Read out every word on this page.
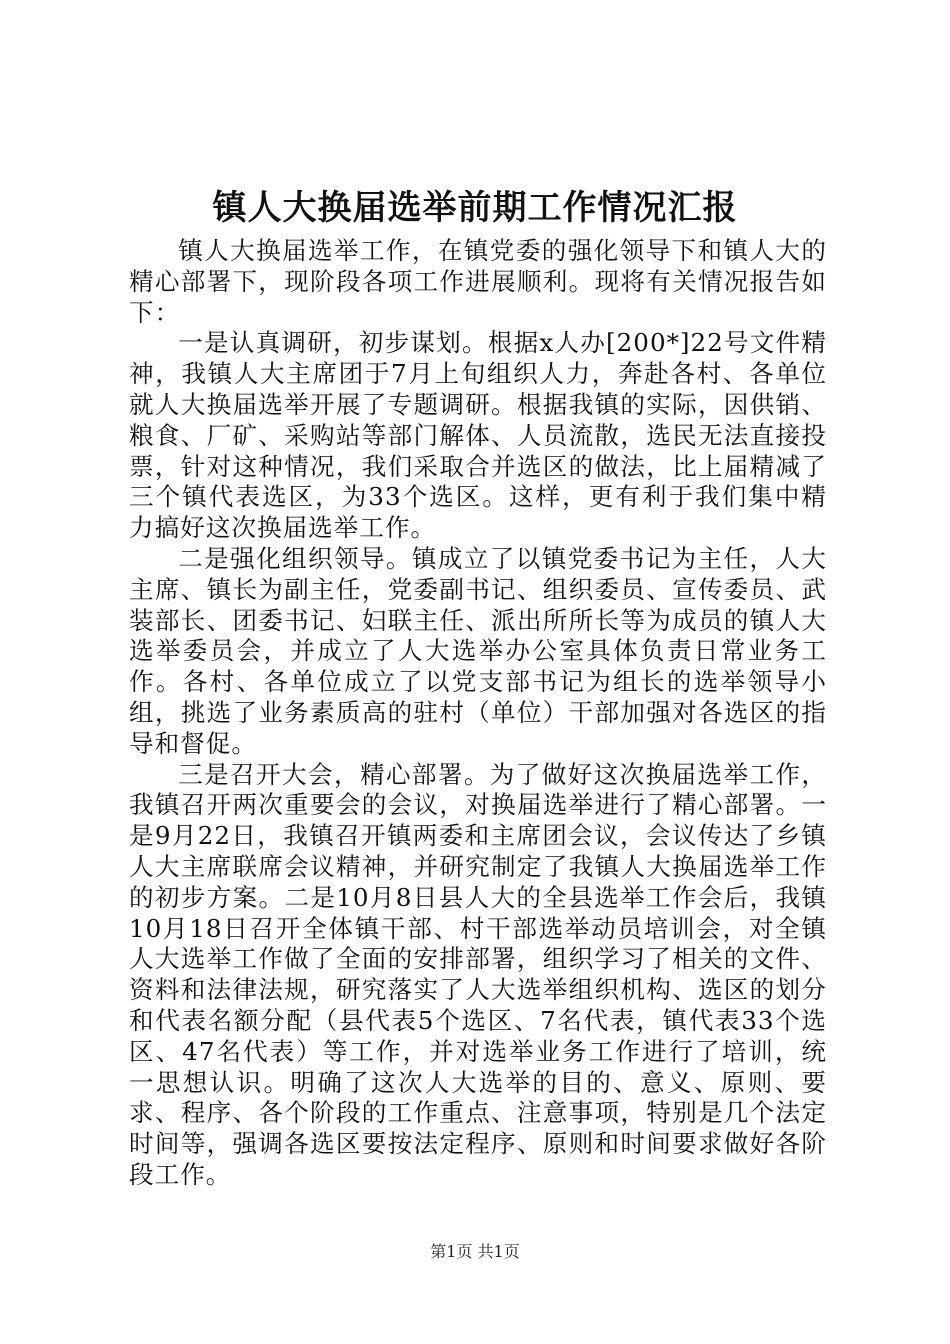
镇人大换届选举前期工作情况汇报

镇人大换届选举工作，在镇党委的强化领导下和镇人大的精心部署下，现阶段各项工作进展顺利。现将有关情况报告如下：

一是认真调研，初步谋划。根据x人办[200*]22号文件精神，我镇人大主席团于7月上旬组织人力，奔赴各村、各单位就人大换届选举开展了专题调研。根据我镇的实际，因供销、粮食、厂矿、采购站等部门解体、人员流散，选民无法直接投票，针对这种情况，我们采取合并选区的做法，比上届精减了三个镇代表选区，为33个选区。这样，更有利于我们集中精力搞好这次换届选举工作。

二是强化组织领导。镇成立了以镇党委书记为主任，人大主席、镇长为副主任，党委副书记、组织委员、宣传委员、武装部长、团委书记、妇联主任、派出所所长等为成员的镇人大选举委员会，并成立了人大选举办公室具体负责日常业务工作。各村、各单位成立了以党支部书记为组长的选举领导小组，挑选了业务素质高的驻村（单位）干部加强对各选区的指导和督促。

三是召开大会，精心部署。为了做好这次换届选举工作，我镇召开两次重要会的会议，对换届选举进行了精心部署。一是9月22日，我镇召开镇两委和主席团会议，会议传达了乡镇人大主席联席会议精神，并研究制定了我镇人大换届选举工作的初步方案。二是10月8日县人大的全县选举工作会后，我镇10月18日召开全体镇干部、村干部选举动员培训会，对全镇人大选举工作做了全面的安排部署，组织学习了相关的文件、资料和法律法规，研究落实了人大选举组织机构、选区的划分和代表名额分配（县代表5个选区、7名代表，镇代表33个选区、47名代表）等工作，并对选举业务工作进行了培训，统一思想认识。明确了这次人大选举的目的、意义、原则、要求、程序、各个阶段的工作重点、注意事项，特别是几个法定时间等，强调各选区要按法定程序、原则和时间要求做好各阶段工作。

第1页 共1页
